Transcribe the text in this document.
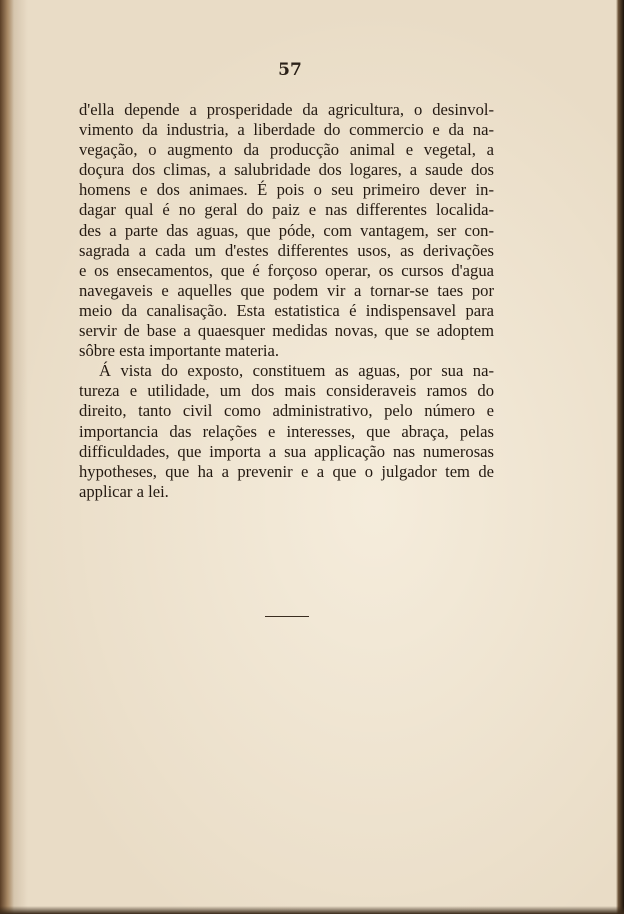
57
d'ella depende a prosperidade da agricultura, o desinvol-
vimento da industria, a liberdade do commercio e da na-
vegação, o augmento da producção animal e vegetal, a
doçura dos climas, a salubridade dos logares, a saude dos
homens e dos animaes. É pois o seu primeiro dever in-
dagar qual é no geral do paiz e nas differentes localida-
des a parte das aguas, que póde, com vantagem, ser con-
sagrada a cada um d'estes differentes usos, as derivações
e os ensecamentos, que é forçoso operar, os cursos d'agua
navegaveis e aquelles que podem vir a tornar-se taes por
meio da canalisação. Esta estatistica é indispensavel para
servir de base a quaesquer medidas novas, que se adoptem
sôbre esta importante materia.
Á vista do exposto, constituem as aguas, por sua na-
tureza e utilidade, um dos mais consideraveis ramos do
direito, tanto civil como administrativo, pelo número e
importancia das relações e interesses, que abraça, pelas
difficuldades, que importa a sua applicação nas numerosas
hypotheses, que ha a prevenir e a que o julgador tem de
applicar a lei.
